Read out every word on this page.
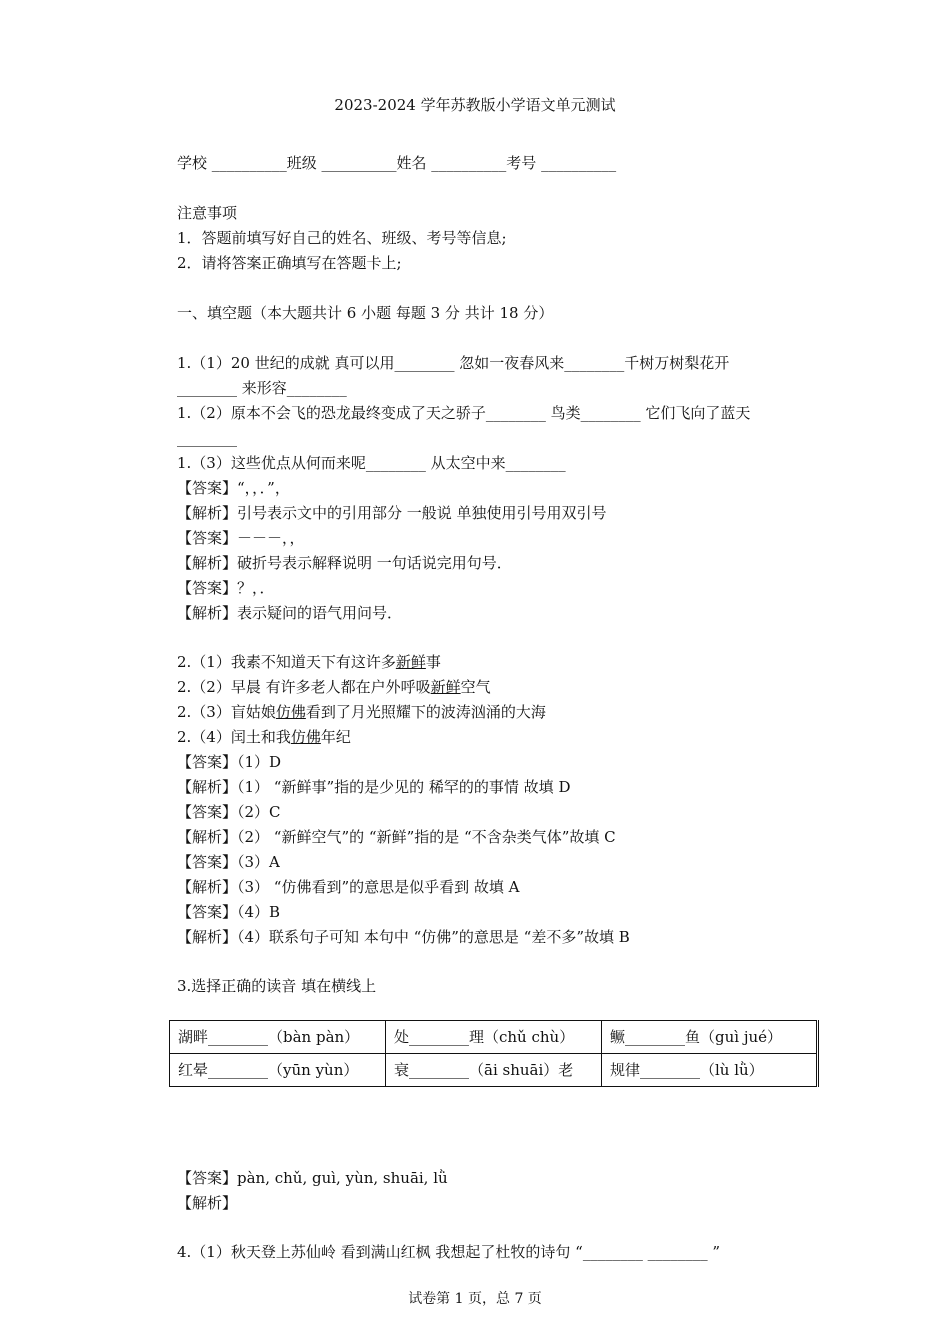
2023-2024 学年苏教版小学语文单元测试
学校 __________班级 __________姓名 __________考号 __________
注意事项
1．答题前填写好自己的姓名、班级、考号等信息;
2．请将答案正确填写在答题卡上;
一、填空题（本大题共计 6 小题 每题 3 分 共计 18 分）
1.（1）20 世纪的成就 真可以用________ 忽如一夜春风来________千树万树梨花开
________ 来形容________
1.（2）原本不会飞的恐龙最终变成了天之骄子________ 鸟类________ 它们飞向了蓝天
________
1.（3）这些优点从何而来呢________ 从太空中来________
【答案】“，，．”，
【解析】引号表示文中的引用部分 一般说 单独使用引号用双引号
【答案】－－－，，
【解析】破折号表示解释说明 一句话说完用句号．
【答案】？，．
【解析】表示疑问的语气用问号．
2.（1）我素不知道天下有这许多新鲜事
2.（2）早晨 有许多老人都在户外呼吸新鲜空气
2.（3）盲姑娘仿佛看到了月光照耀下的波涛汹涌的大海
2.（4）闰土和我仿佛年纪
【答案】（1）D
【解析】（1） “新鲜事”指的是少见的 稀罕的的事情 故填 D
【答案】（2）C
【解析】（2） “新鲜空气”的 “新鲜”指的是 “不含杂类气体”故填 C
【答案】（3）A
【解析】（3） “仿佛看到”的意思是似乎看到 故填 A
【答案】（4）B
【解析】（4）联系句子可知 本句中 “仿佛”的意思是 “差不多”故填 B
3.选择正确的读音 填在横线上
湖畔________（bàn pàn）	处________理（chǔ chù）	鳜________鱼（guì jué）
红晕________（yūn yùn）	衰________（āi shuāi）老	规律________（lù lǜ）
【答案】pàn, chǔ, guì, yùn, shuāi, lǜ
【解析】
4.（1）秋天登上苏仙岭 看到满山红枫 我想起了杜牧的诗句 “________ ________ ”
试卷第 1 页，总 7 页
